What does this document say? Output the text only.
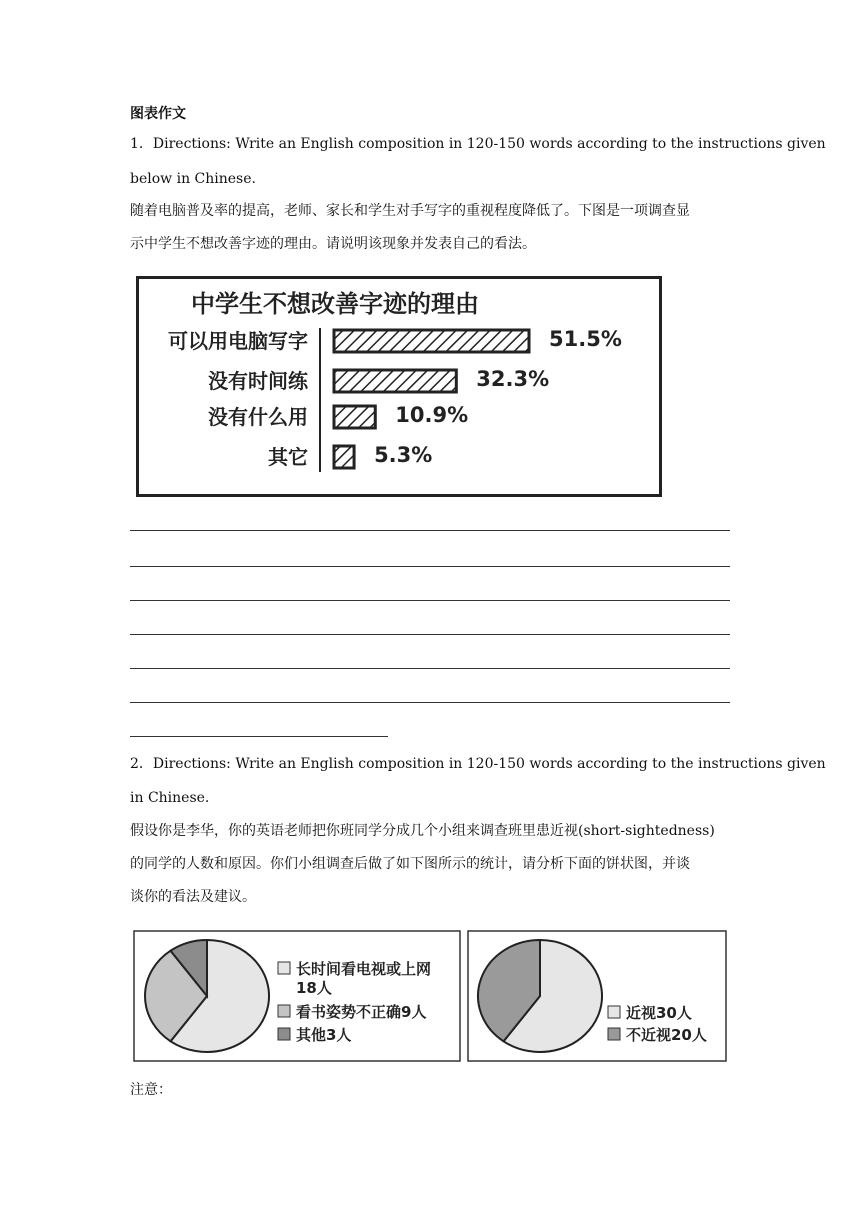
图表作文
1．Directions: Write an English composition in 120-150 words according to the instructions given
below in Chinese.
随着电脑普及率的提高，老师、家长和学生对手写字的重视程度降低了。下图是一项调查显
示中学生不想改善字迹的理由。请说明该现象并发表自己的看法。
中学生不想改善字迹的理由
可以用电脑写字	51.5%
没有时间练	32.3%
没有什么用	10.9%
其它	5.3%
2．Directions: Write an English composition in 120-150 words according to the instructions given
in Chinese.
假设你是李华，你的英语老师把你班同学分成几个小组来调查班里患近视(short-sightedness)
的同学的人数和原因。你们小组调查后做了如下图所示的统计，请分析下面的饼状图，并谈
谈你的看法及建议。
长时间看电视或上网
18人
看书姿势不正确9人
其他3人
近视30人
不近视20人
注意：
